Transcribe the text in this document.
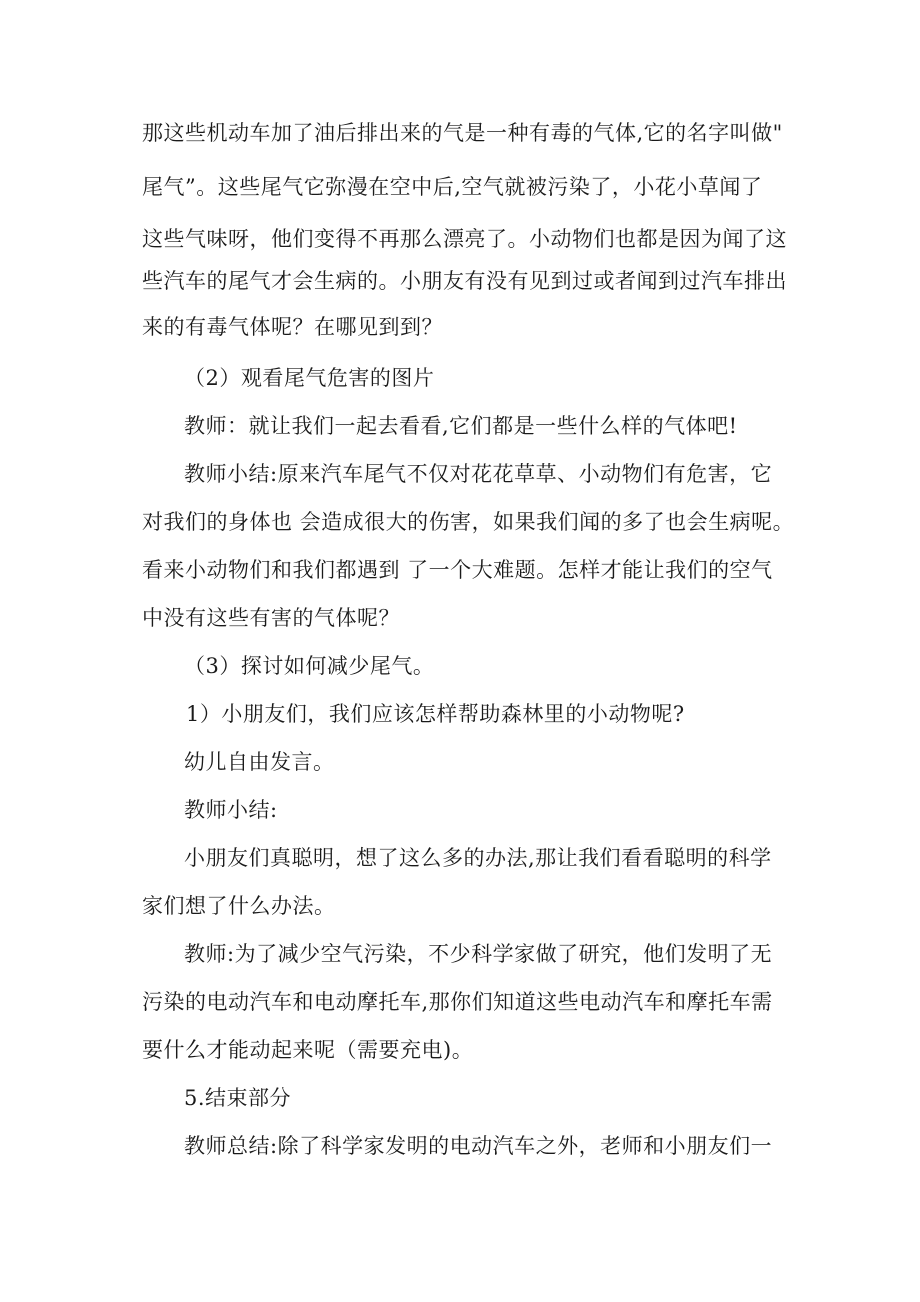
那这些机动车加了油后排出来的气是一种有毒的气体,它的名字叫做"
尾气”。这些尾气它弥漫在空中后,空气就被污染了，小花小草闻了
这些气味呀，他们变得不再那么漂亮了。小动物们也都是因为闻了这
些汽车的尾气才会生病的。小朋友有没有见到过或者闻到过汽车排出
来的有毒气体呢？在哪见到到？
（2）观看尾气危害的图片
教师：就让我们一起去看看,它们都是一些什么样的气体吧!
教师小结:原来汽车尾气不仅对花花草草、小动物们有危害，它
对我们的身体也 会造成很大的伤害，如果我们闻的多了也会生病呢。
看来小动物们和我们都遇到 了一个大难题。怎样才能让我们的空气
中没有这些有害的气体呢？
（3）探讨如何减少尾气。
1）小朋友们，我们应该怎样帮助森林里的小动物呢?
幼儿自由发言。
教师小结:
小朋友们真聪明，想了这么多的办法,那让我们看看聪明的科学
家们想了什么办法。
教师:为了减少空气污染，不少科学家做了研究，他们发明了无
污染的电动汽车和电动摩托车,那你们知道这些电动汽车和摩托车需
要什么才能动起来呢（需要充电)。
5.结束部分
教师总结:除了科学家发明的电动汽车之外，老师和小朋友们一
